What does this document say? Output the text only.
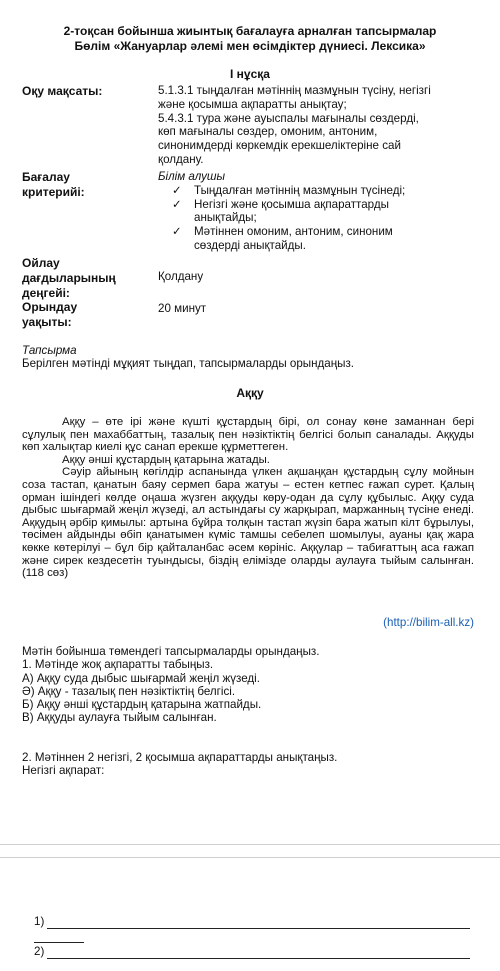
2-тоқсан бойынша жиынтық бағалауға арналған тапсырмалар
Бөлім «Жануарлар әлемі мен өсімдіктер дүниесі. Лексика»
І нұсқа
Оқу мақсаты:	5.1.3.1 тыңдалған мәтіннің мазмұнын түсіну, негізгі
және қосымша ақпаратты анықтау;
5.4.3.1 тура және ауыспалы мағыналы сөздерді,
көп мағыналы сөздер, омоним, антоним,
синонимдерді көркемдік ерекшеліктеріне сай
қолдану.
Бағалау
критерийі:
Білім алушы
✓ Тыңдалған мәтіннің мазмұнын түсінеді;
✓ Негізгі және қосымша ақпараттарды
анықтайды;
✓ Мәтіннен омоним, антоним, синоним
сөздерді анықтайды.
Ойлау
дағдыларының
деңгейі:
Қолдану
Орындау
уақыты:
20 минут
Тапсырма
Берілген мәтінді мұқият тыңдап, тапсырмаларды орындаңыз.
Аққу

Аққу – өте ірі және күшті құстардың бірі, ол сонау көне заманнан бері сұлулық пен махаббаттың, тазалық пен нәзіктіктің белгісі болып саналады. Аққуды көп халықтар киелі құс санап ерекше құрметтеген.

Аққу әнші құстардың қатарына жатады.

Сәуір айының көгілдір аспанында үлкен ақшаңқан құстардың сұлу мойнын соза тастап, қанатын баяу сермеп бара жатуы – естен кетпес ғажап сурет. Қалың орман ішіндегі көлде оңаша жүзген аққуды көру-одан да сұлу құбылыс. Аққу суда дыбыс шығармай жеңіл жүзеді, ал астындағы су жарқырап, маржанның түсіне енеді. Аққудың әрбір қимылы: артына бұйра толқын тастап жүзіп бара жатып кілт бұрылуы, төсімен айдынды өбіп қанатымен күміс тамшы себелеп шомылуы, ауаны қақ жара көкке көтерілуі – бұл бір қайталанбас әсем көрініс. Аққулар – табиғаттың аса ғажап және сирек кездесетін туындысы, біздің елімізде оларды аулауға тыйым салынған. (118 сөз)

(http://bilim-all.kz)
Мәтін бойынша төмендегі тапсырмаларды орындаңыз.
1. Мәтінде жоқ ақпаратты табыңыз.
А) Аққу суда дыбыс шығармай жеңіл жүзеді.
Ә) Аққу - тазалық пен нәзіктіктің белгісі.
Б) Аққу әнші құстардың қатарына жатпайды.
В) Аққуды аулауға тыйым салынған.
2. Мәтіннен 2 негізгі, 2 қосымша ақпараттарды анықтаңыз.
Негізгі ақпарат:
1)
2)
